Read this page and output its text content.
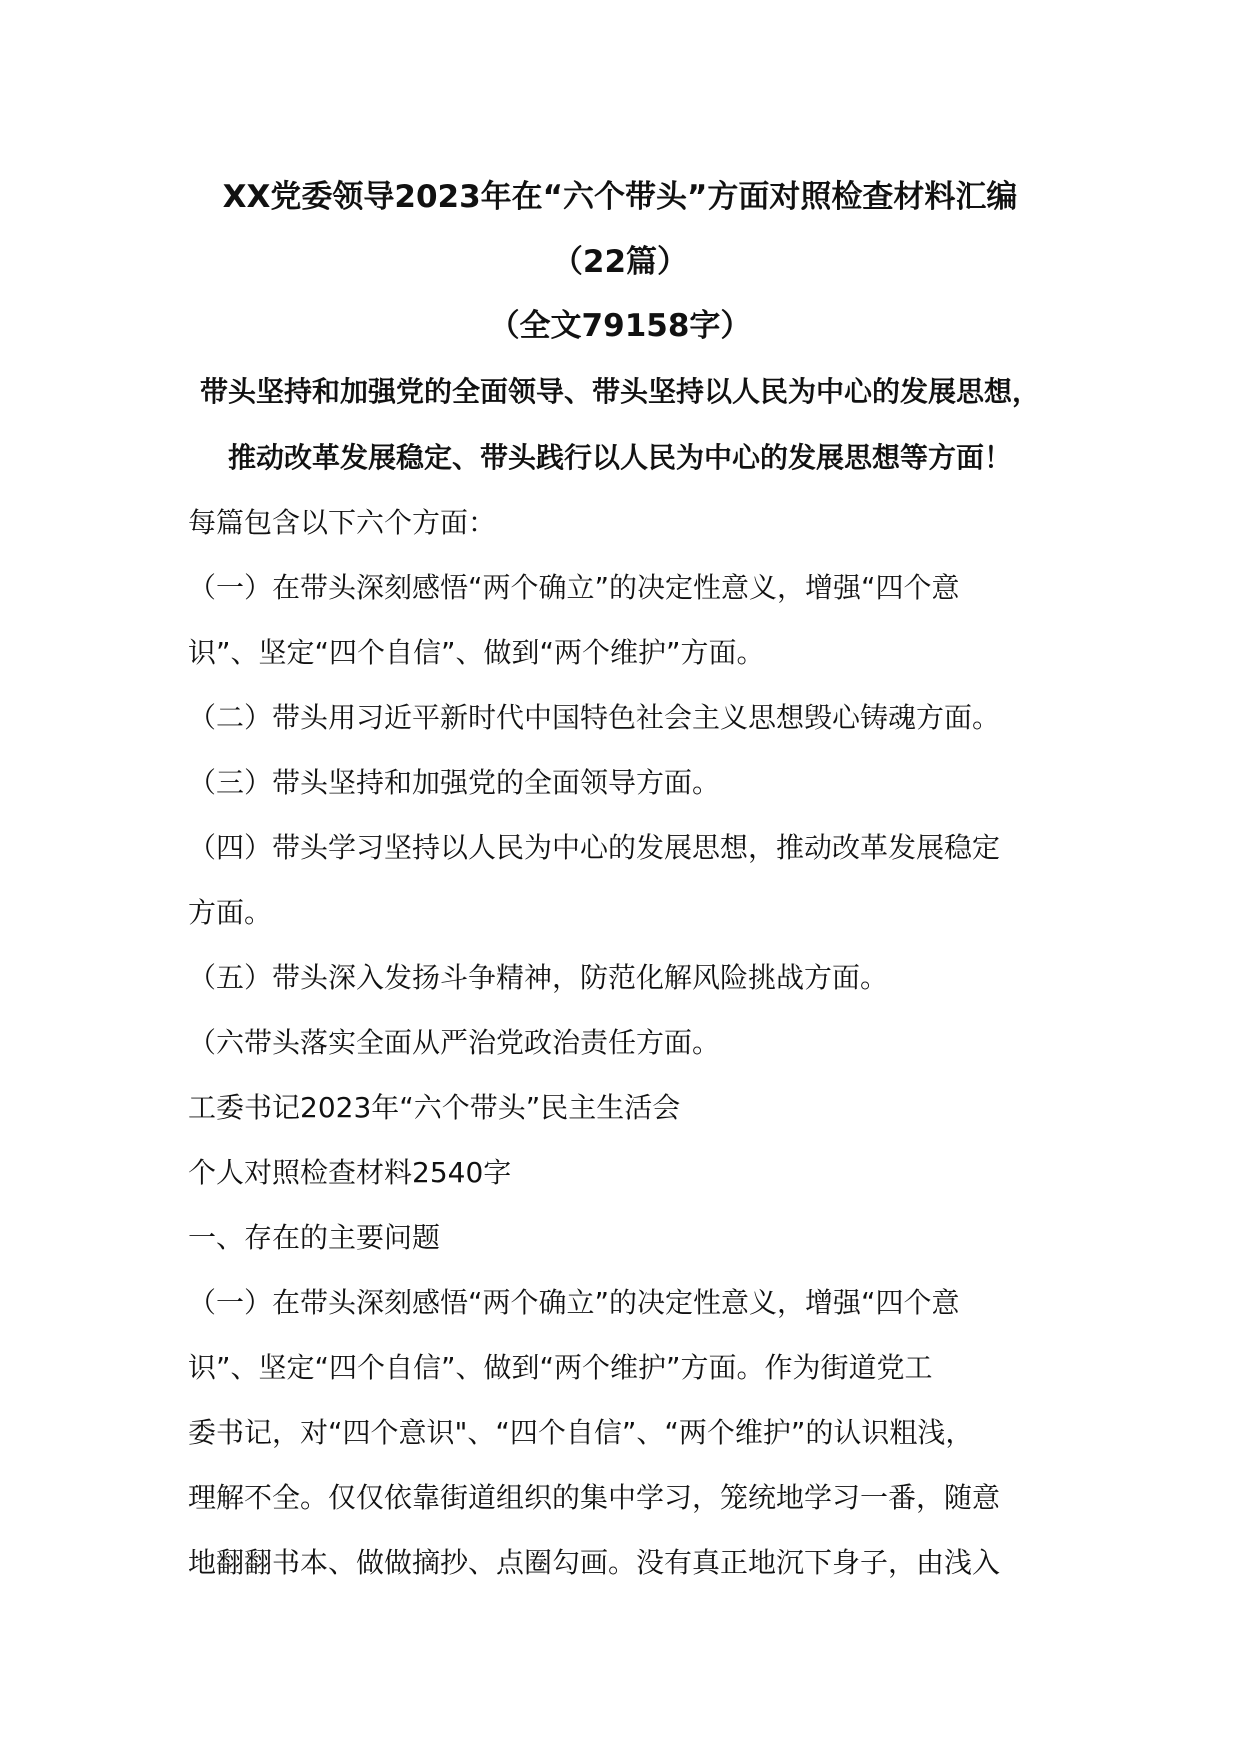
XX党委领导2023年在“六个带头”方面对照检查材料汇编
（22篇）
（全文79158字）
带头坚持和加强党的全面领导、带头坚持以人民为中心的发展思想，
推动改革发展稳定、带头践行以人民为中心的发展思想等方面！
每篇包含以下六个方面：
（一）在带头深刻感悟“两个确立”的决定性意义，增强“四个意
识”、坚定“四个自信”、做到“两个维护”方面。
（二）带头用习近平新时代中国特色社会主义思想毁心铸魂方面。
（三）带头坚持和加强党的全面领导方面。
（四）带头学习坚持以人民为中心的发展思想，推动改革发展稳定
方面。
（五）带头深入发扬斗争精神，防范化解风险挑战方面。
（六带头落实全面从严治党政治责任方面。
工委书记2023年“六个带头”民主生活会
个人对照检查材料2540字
一、存在的主要问题
（一）在带头深刻感悟“两个确立”的决定性意义，增强“四个意
识”、坚定“四个自信”、做到“两个维护”方面。作为街道党工
委书记，对“四个意识"、“四个自信”、“两个维护”的认识粗浅，
理解不全。仅仅依靠街道组织的集中学习，笼统地学习一番，随意
地翻翻书本、做做摘抄、点圈勾画。没有真正地沉下身子，由浅入
